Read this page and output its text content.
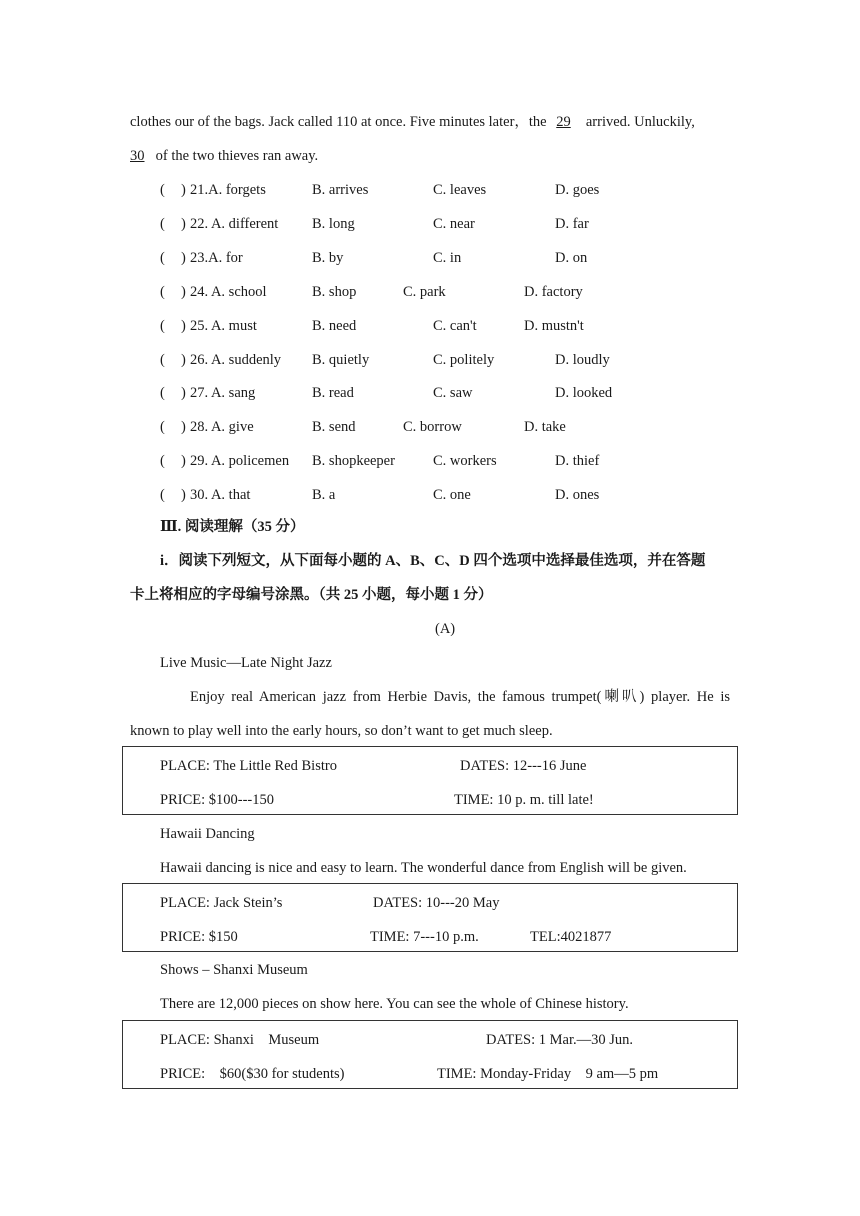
clothes our of the bags. Jack called 110 at once. Five minutes later，the 29 arrived. Unluckily,
30 of the two thieves ran away.
( ) 21.A. forgets	B. arrives	C. leaves	D. goes
( ) 22. A. different B. long	C. near	D. far
( ) 23.A. for	B. by	C. in	D. on
( ) 24. A. school	B. shop	C. park	D. factory
( ) 25. A. must	B. need	C. can't	D. mustn't
( ) 26. A. suddenly B. quietly	C. politely	D. loudly
( ) 27. A. sang	B. read	C. saw	D. looked
( ) 28. A. give	B. send	C. borrow	D. take
( ) 29. A. policemen B. shopkeeper	C. workers	D. thief
( ) 30. A. that	B. a	C. one	D. ones
Ⅲ. 阅读理解（35 分）
i．阅读下列短文，从下面每小题的 A、B、C、D 四个选项中选择最佳选项，并在答题
卡上将相应的字母编号涂黑。（共 25 小题，每小题 1 分）
(A)
Live Music—Late Night Jazz
Enjoy real American jazz from Herbie Davis, the famous trumpet(喇叭) player. He is
known to play well into the early hours, so don’t want to get much sleep.
PLACE: The Little Red Bistro	DATES: 12---16 June
PRICE: $100---150	TIME: 10 p. m. till late!
Hawaii Dancing
Hawaii dancing is nice and easy to learn. The wonderful dance from English will be given.
PLACE: Jack Stein’s	DATES: 10---20 May
PRICE: $150	TIME: 7---10 p.m.	TEL:4021877
Shows – Shanxi Museum
There are 12,000 pieces on show here. You can see the whole of Chinese history.
PLACE: Shanxi    Museum	DATES: 1 Mar.—30 Jun.
PRICE:    $60($30 for students)	TIME: Monday-Friday    9 am—5 pm
